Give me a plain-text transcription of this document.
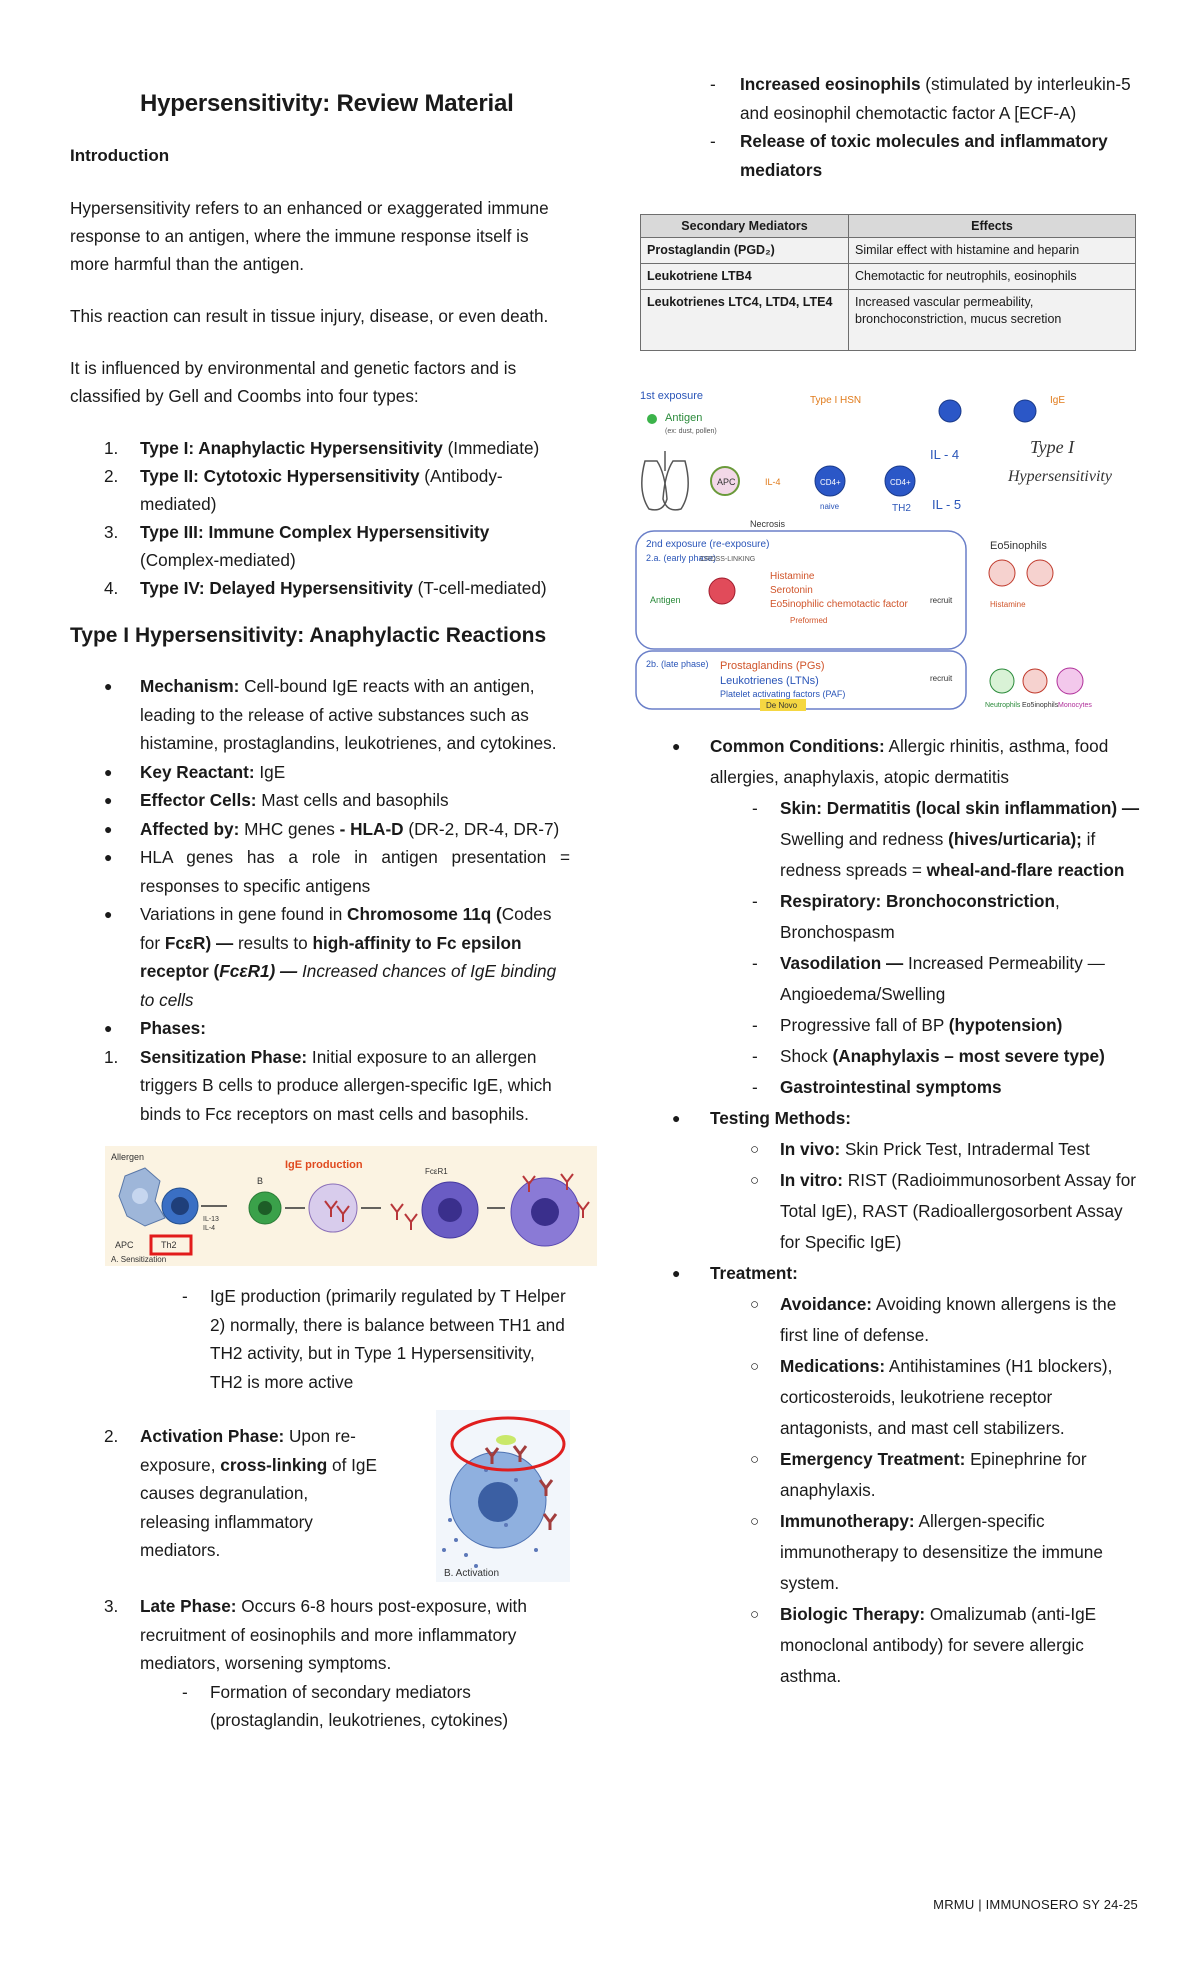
Hypersensitivity: Review Material
Introduction

Hypersensitivity refers to an enhanced or exaggerated immune response to an antigen, where the immune response itself is more harmful than the antigen.

This reaction can result in tissue injury, disease, or even death.

It is influenced by environmental and genetic factors and is classified by Gell and Coombs into four types:

1. Type I: Anaphylactic Hypersensitivity (Immediate)
2. Type II: Cytotoxic Hypersensitivity (Antibody-mediated)
3. Type III: Immune Complex Hypersensitivity (Complex-mediated)
4. Type IV: Delayed Hypersensitivity (T-cell-mediated)
Type I Hypersensitivity: Anaphylactic Reactions
● Mechanism: Cell-bound IgE reacts with an antigen, leading to the release of active substances such as histamine, prostaglandins, leukotrienes, and cytokines.
● Key Reactant: IgE
● Effector Cells: Mast cells and basophils
● Affected by: MHC genes - HLA-D (DR-2, DR-4, DR-7)
● HLA genes has a role in antigen presentation = responses to specific antigens
● Variations in gene found in Chromosome 11q (Codes for FcεR) — results to high-affinity to Fc epsilon receptor (FcεR1) — Increased chances of IgE binding to cells
● Phases:
1. Sensitization Phase: Initial exposure to an allergen triggers B cells to produce allergen-specific IgE, which binds to Fcε receptors on mast cells and basophils.
IgE production
Allergen
APC	Th2
A. Sensitization
IL-13
IL-4
B
FcεR1
- IgE production (primarily regulated by T Helper 2) normally, there is balance between TH1 and TH2 activity, but in Type 1 Hypersensitivity, TH2 is more active
2. Activation Phase: Upon re-exposure, cross-linking of IgE causes degranulation, releasing inflammatory mediators.
B. Activation
3. Late Phase: Occurs 6-8 hours post-exposure, with recruitment of eosinophils and more inflammatory mediators, worsening symptoms.
- Formation of secondary mediators (prostaglandin, leukotrienes, cytokines)
- Increased eosinophils (stimulated by interleukin-5 and eosinophil chemotactic factor A [ECF-A)
- Release of toxic molecules and inflammatory mediators
Secondary Mediators	Effects
Prostaglandin (PGD₂)	Similar effect with histamine and heparin
Leukotriene LTB4	Chemotactic for neutrophils, eosinophils
Leukotrienes LTC4, LTD4, LTE4	Increased vascular permeability, bronchoconstriction, mucus secretion
1st exposure
Antigen
(ex: dust, pollen)
APC	IL-4	CD4+
naive
CD4+
TH2
IL - 4
IL - 5
Type I HSN	IgE
Type I
Hypersensitivity
Necrosis
2nd exposure (re-exposure)
2.a. (early phase)
CROSS-LINKING
Antigen
Histamine
Serotonin
Eo5inophilic chemotactic factor
Preformed
Eo5inophils
recruit	Histamine
2b. (late phase) Prostaglandins (PGs)
Leukotrienes (LTNs)
Platelet activating factors (PAF)
De Novo
recruit
Neutrophils Eo5inophils Monocytes
● Common Conditions: Allergic rhinitis, asthma, food allergies, anaphylaxis, atopic dermatitis
- Skin: Dermatitis (local skin inflammation) — Swelling and redness (hives/urticaria); if redness spreads = wheal-and-flare reaction
- Respiratory: Bronchoconstriction, Bronchospasm
- Vasodilation — Increased Permeability — Angioedema/Swelling
- Progressive fall of BP (hypotension)
- Shock (Anaphylaxis – most severe type)
- Gastrointestinal symptoms
● Testing Methods:
○ In vivo: Skin Prick Test, Intradermal Test
○ In vitro: RIST (Radioimmunosorbent Assay for Total IgE), RAST (Radioallergosorbent Assay for Specific IgE)
● Treatment:
○ Avoidance: Avoiding known allergens is the first line of defense.
○ Medications: Antihistamines (H1 blockers), corticosteroids, leukotriene receptor antagonists, and mast cell stabilizers.
○ Emergency Treatment: Epinephrine for anaphylaxis.
○ Immunotherapy: Allergen-specific immunotherapy to desensitize the immune system.
○ Biologic Therapy: Omalizumab (anti-IgE monoclonal antibody) for severe allergic asthma.
MRMU | IMMUNOSERO SY 24-25
